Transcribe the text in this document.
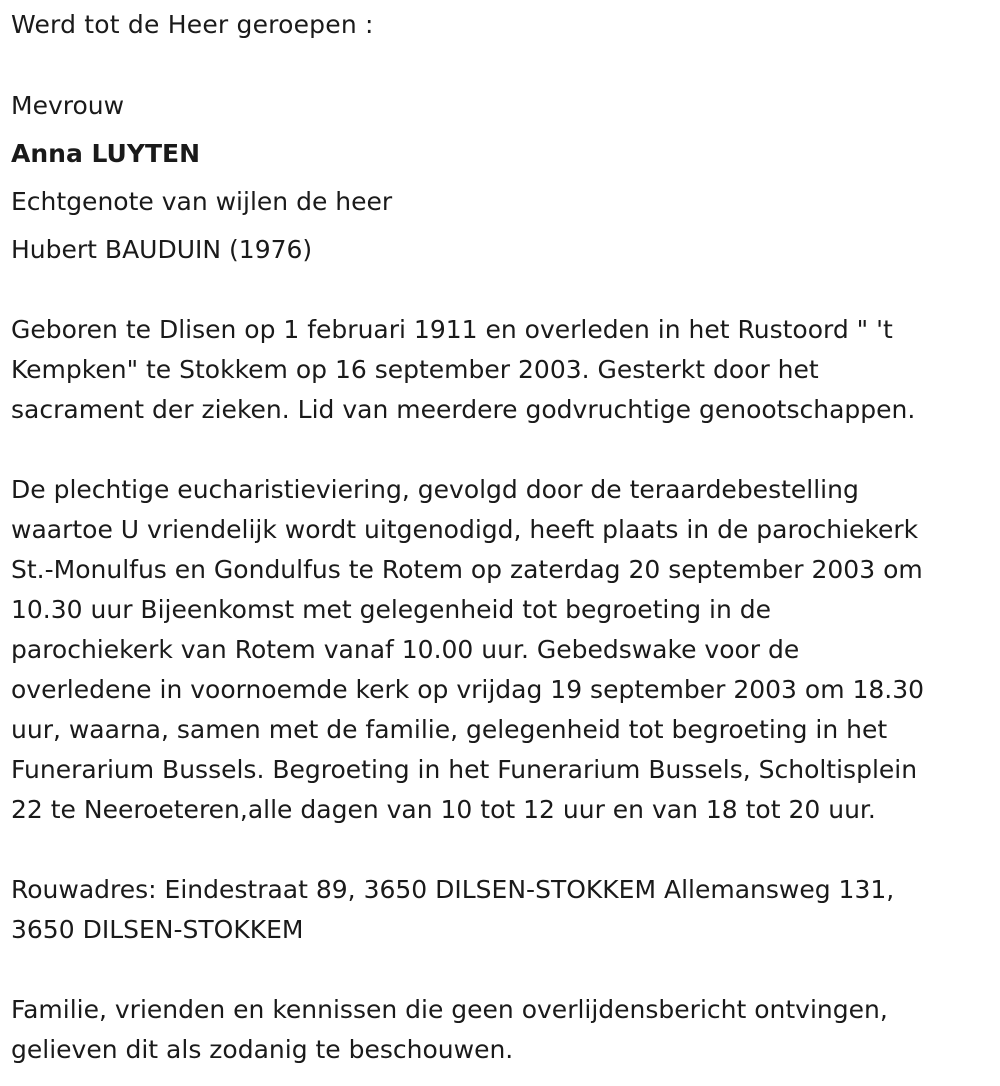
Werd tot de Heer geroepen :
Mevrouw
Anna LUYTEN
Echtgenote van wijlen de heer
Hubert BAUDUIN (1976)
Geboren te Dlisen op 1 februari 1911 en overleden in het Rustoord " 't
Kempken" te Stokkem op 16 september 2003. Gesterkt door het
sacrament der zieken. Lid van meerdere godvruchtige genootschappen.
De plechtige eucharistieviering, gevolgd door de teraardebestelling
waartoe U vriendelijk wordt uitgenodigd, heeft plaats in de parochiekerk
St.-Monulfus en Gondulfus te Rotem op zaterdag 20 september 2003 om
10.30 uur Bijeenkomst met gelegenheid tot begroeting in de
parochiekerk van Rotem vanaf 10.00 uur. Gebedswake voor de
overledene in voornoemde kerk op vrijdag 19 september 2003 om 18.30
uur, waarna, samen met de familie, gelegenheid tot begroeting in het
Funerarium Bussels. Begroeting in het Funerarium Bussels, Scholtisplein
22 te Neeroeteren,alle dagen van 10 tot 12 uur en van 18 tot 20 uur.
Rouwadres: Eindestraat 89, 3650 DILSEN-STOKKEM Allemansweg 131,
3650 DILSEN-STOKKEM
Familie, vrienden en kennissen die geen overlijdensbericht ontvingen,
gelieven dit als zodanig te beschouwen.
